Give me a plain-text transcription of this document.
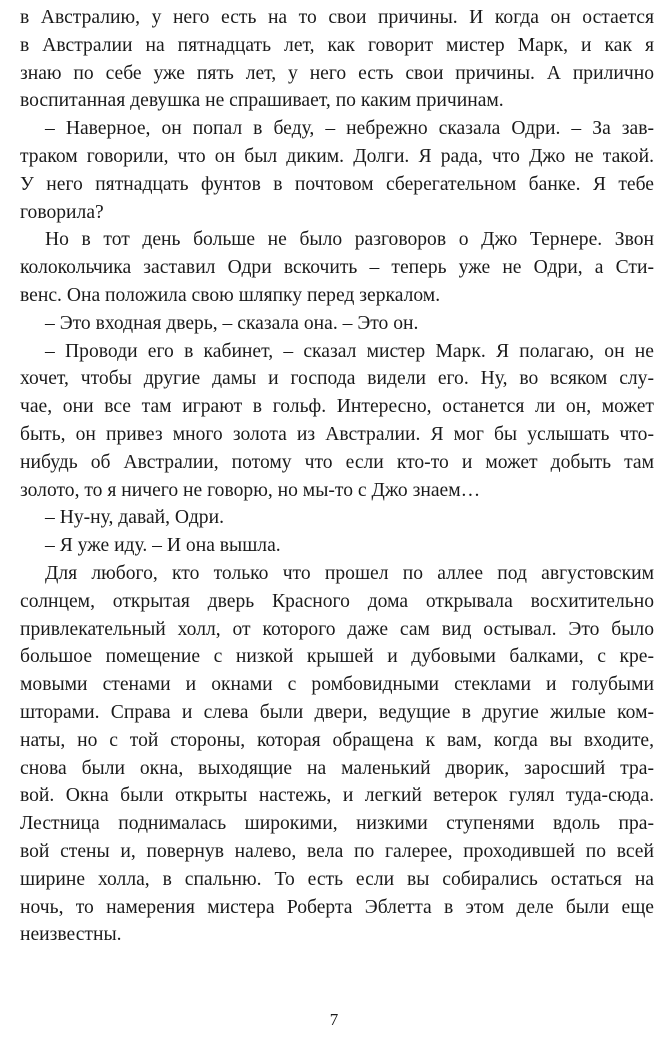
в Австралию, у него есть на то свои причины. И когда он остается

в Австралии на пятнадцать лет, как говорит мистер Марк, и как я

знаю по себе уже пять лет, у него есть свои причины. А прилично

воспитанная девушка не спрашивает, по каким причинам.

– Наверное, он попал в беду, – небрежно сказала Одри. – За зав-

траком говорили, что он был диким. Долги. Я рада, что Джо не такой.

У него пятнадцать фунтов в почтовом сберегательном банке. Я тебе

говорила?

Но в тот день больше не было разговоров о Джо Тернере. Звон

колокольчика заставил Одри вскочить – теперь уже не Одри, а Сти-

венс. Она положила свою шляпку перед зеркалом.

– Это входная дверь, – сказала она. – Это он.

– Проводи его в кабинет, – сказал мистер Марк. Я полагаю, он не

хочет, чтобы другие дамы и господа видели его. Ну, во всяком слу-

чае, они все там играют в гольф. Интересно, останется ли он, может

быть, он привез много золота из Австралии. Я мог бы услышать что-

нибудь об Австралии, потому что если кто-то и может добыть там

золото, то я ничего не говорю, но мы-то с Джо знаем…

– Ну-ну, давай, Одри.

– Я уже иду. – И она вышла.

Для любого, кто только что прошел по аллее под августовским

солнцем, открытая дверь Красного дома открывала восхитительно

привлекательный холл, от которого даже сам вид остывал. Это было

большое помещение с низкой крышей и дубовыми балками, с кре-

мовыми стенами и окнами с ромбовидными стеклами и голубыми

шторами. Справа и слева были двери, ведущие в другие жилые ком-

наты, но с той стороны, которая обращена к вам, когда вы входите,

снова были окна, выходящие на маленький дворик, заросший тра-

вой. Окна были открыты настежь, и легкий ветерок гулял туда-сюда.

Лестница поднималась широкими, низкими ступенями вдоль пра-

вой стены и, повернув налево, вела по галерее, проходившей по всей

ширине холла, в спальню. То есть если вы собирались остаться на

ночь, то намерения мистера Роберта Эблетта в этом деле были еще

неизвестны.

7
